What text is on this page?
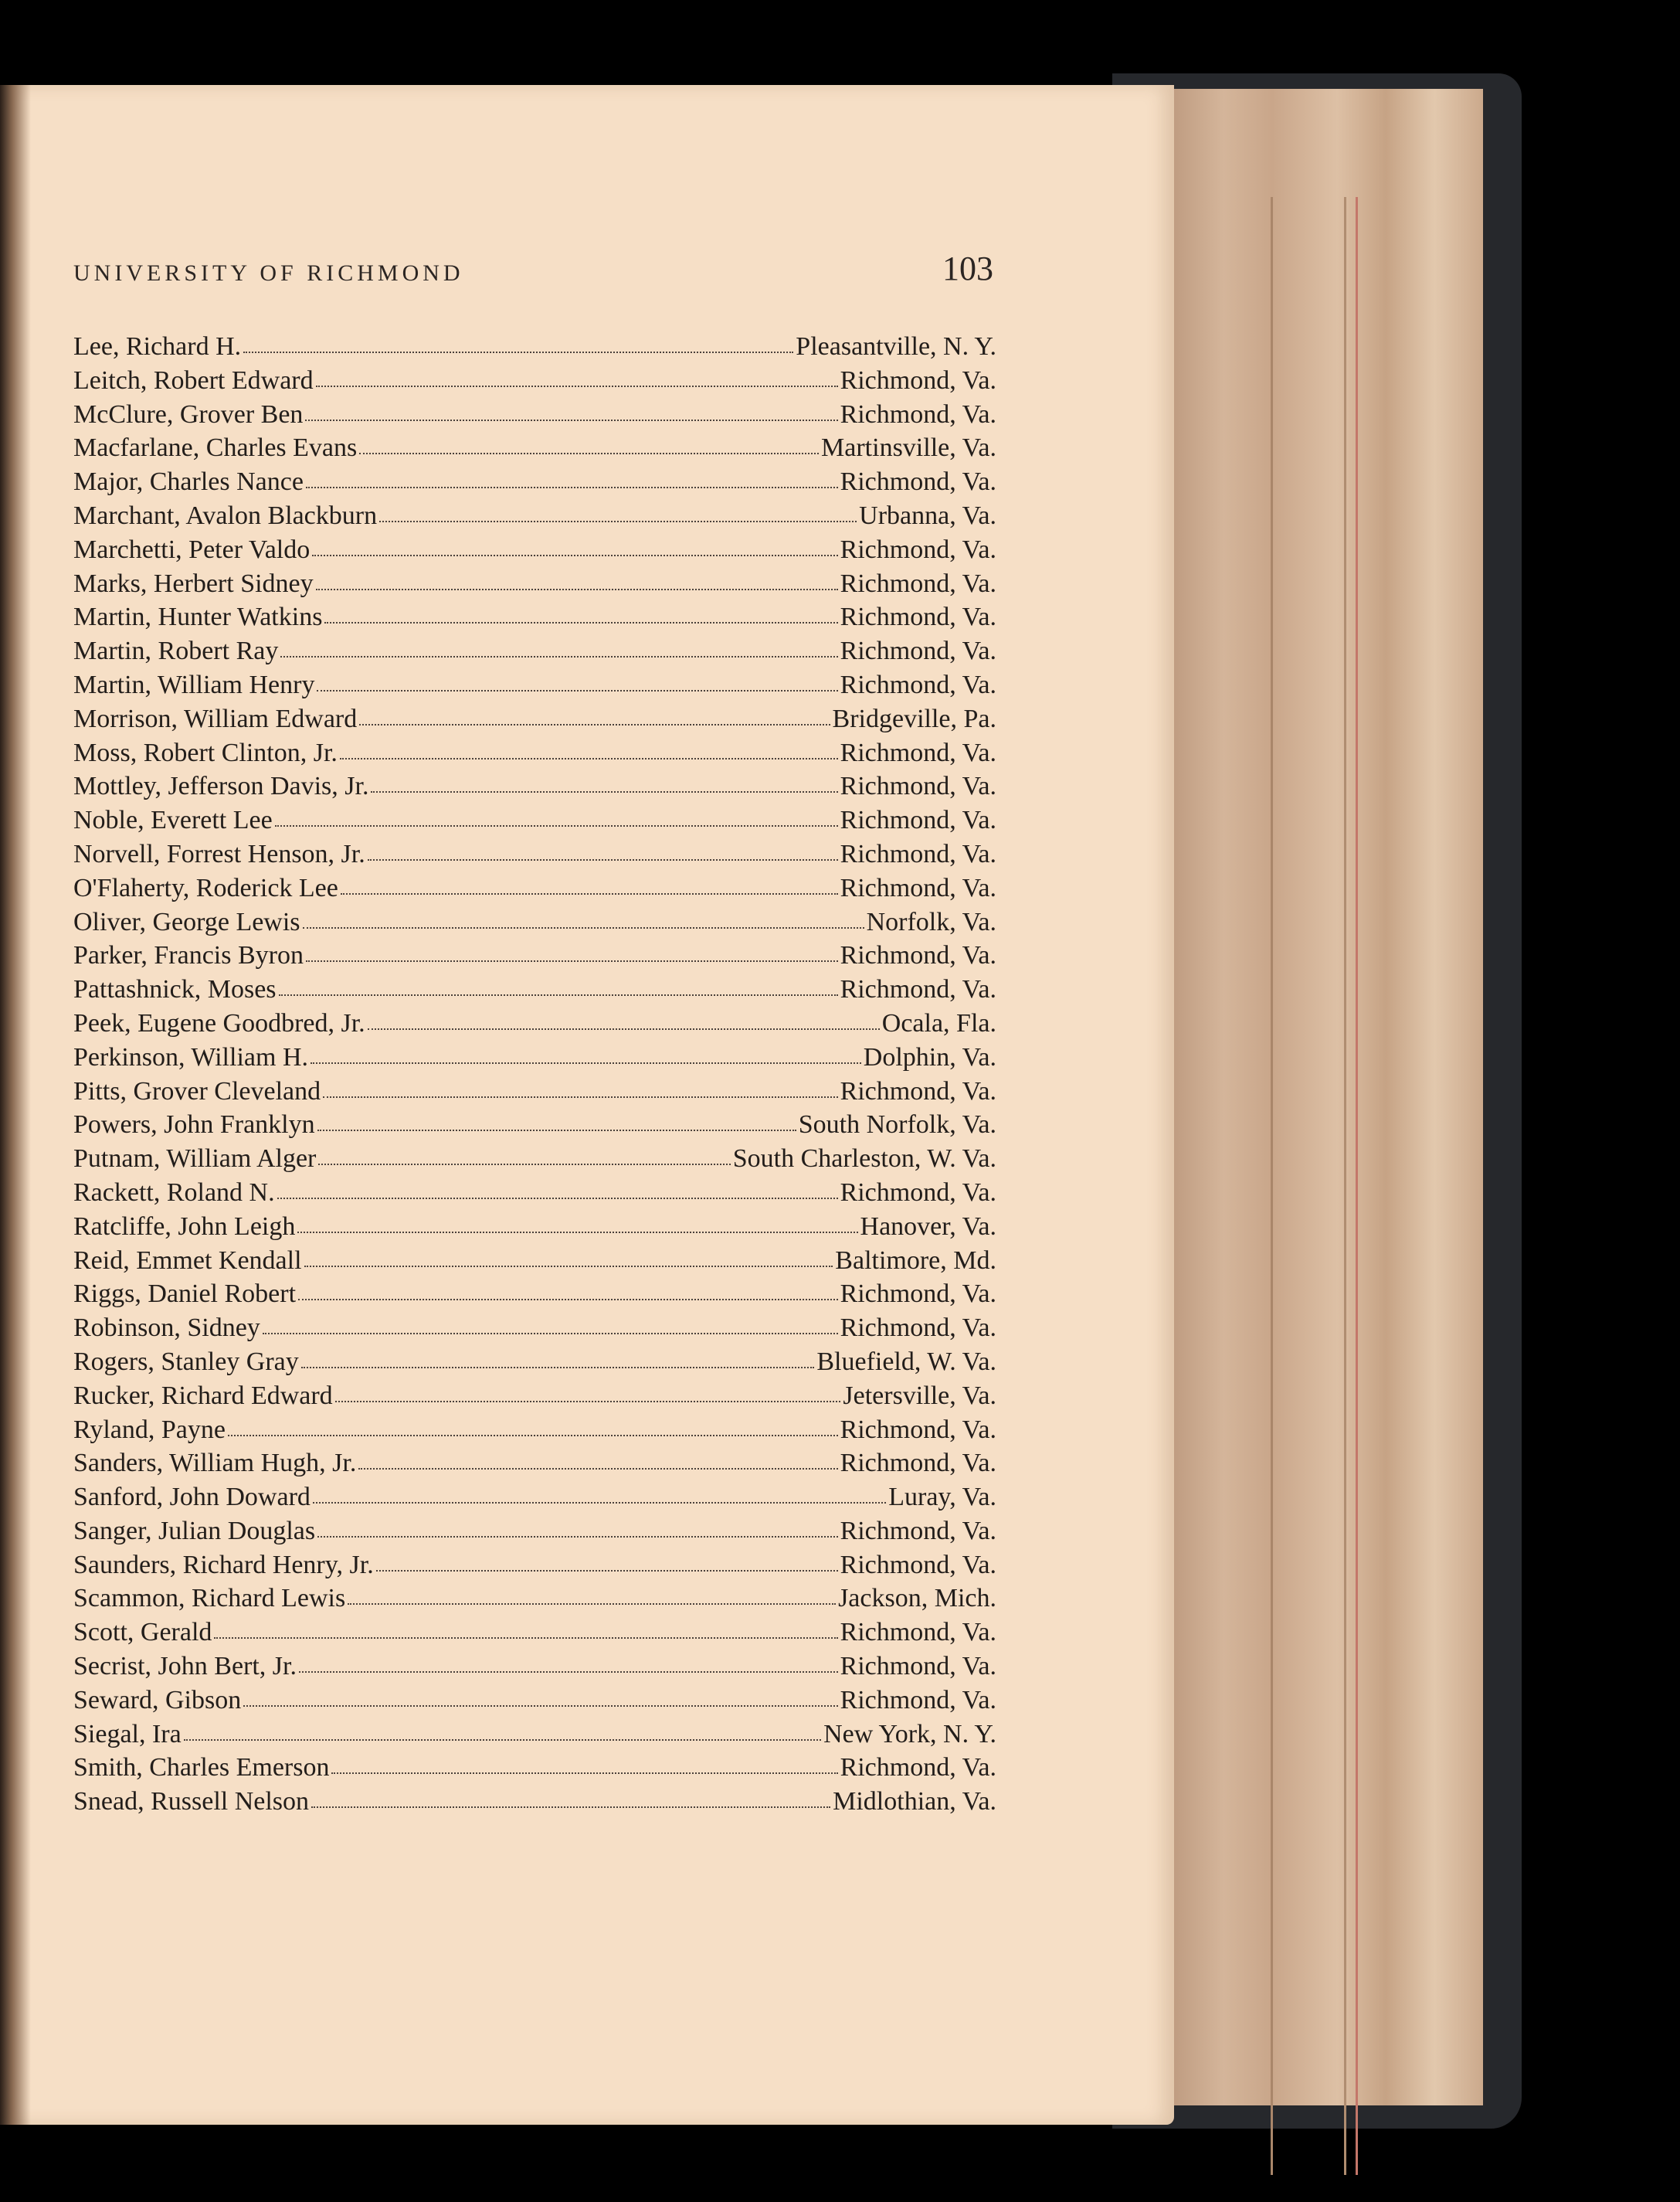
UNIVERSITY OF RICHMOND	103
Lee, Richard H.	Pleasantville, N. Y.
Leitch, Robert Edward	Richmond, Va.
McClure, Grover Ben	Richmond, Va.
Macfarlane, Charles Evans	Martinsville, Va.
Major, Charles Nance	Richmond, Va.
Marchant, Avalon Blackburn	Urbanna, Va.
Marchetti, Peter Valdo	Richmond, Va.
Marks, Herbert Sidney	Richmond, Va.
Martin, Hunter Watkins	Richmond, Va.
Martin, Robert Ray	Richmond, Va.
Martin, William Henry	Richmond, Va.
Morrison, William Edward	Bridgeville, Pa.
Moss, Robert Clinton, Jr.	Richmond, Va.
Mottley, Jefferson Davis, Jr.	Richmond, Va.
Noble, Everett Lee	Richmond, Va.
Norvell, Forrest Henson, Jr.	Richmond, Va.
O'Flaherty, Roderick Lee	Richmond, Va.
Oliver, George Lewis	Norfolk, Va.
Parker, Francis Byron	Richmond, Va.
Pattashnick, Moses	Richmond, Va.
Peek, Eugene Goodbred, Jr.	Ocala, Fla.
Perkinson, William H.	Dolphin, Va.
Pitts, Grover Cleveland	Richmond, Va.
Powers, John Franklyn	South Norfolk, Va.
Putnam, William Alger	South Charleston, W. Va.
Rackett, Roland N.	Richmond, Va.
Ratcliffe, John Leigh	Hanover, Va.
Reid, Emmet Kendall	Baltimore, Md.
Riggs, Daniel Robert	Richmond, Va.
Robinson, Sidney	Richmond, Va.
Rogers, Stanley Gray	Bluefield, W. Va.
Rucker, Richard Edward	Jetersville, Va.
Ryland, Payne	Richmond, Va.
Sanders, William Hugh, Jr.	Richmond, Va.
Sanford, John Doward	Luray, Va.
Sanger, Julian Douglas	Richmond, Va.
Saunders, Richard Henry, Jr.	Richmond, Va.
Scammon, Richard Lewis	Jackson, Mich.
Scott, Gerald	Richmond, Va.
Secrist, John Bert, Jr.	Richmond, Va.
Seward, Gibson	Richmond, Va.
Siegal, Ira	New York, N. Y.
Smith, Charles Emerson	Richmond, Va.
Snead, Russell Nelson	Midlothian, Va.
